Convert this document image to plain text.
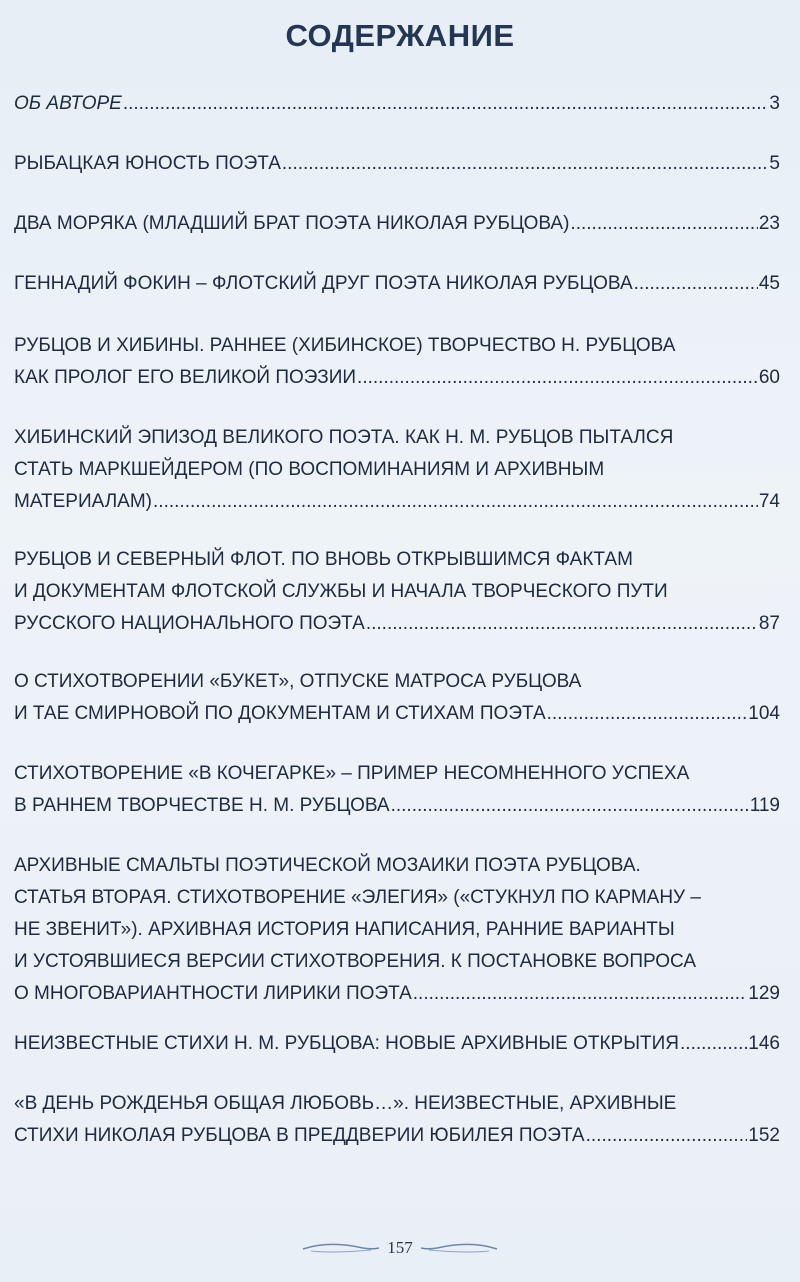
СОДЕРЖАНИЕ
ОБ АВТОРЕ .....	3
РЫБАЦКАЯ ЮНОСТЬ ПОЭТА .....	5
ДВА МОРЯКА (МЛАДШИЙ БРАТ ПОЭТА НИКОЛАЯ РУБЦОВА) .....	23
ГЕННАДИЙ ФОКИН – ФЛОТСКИЙ ДРУГ ПОЭТА НИКОЛАЯ РУБЦОВА .....	45
РУБЦОВ И ХИБИНЫ. РАННЕЕ (ХИБИНСКОЕ) ТВОРЧЕСТВО Н. РУБЦОВА
КАК ПРОЛОГ ЕГО ВЕЛИКОЙ ПОЭЗИИ .....	60
ХИБИНСКИЙ ЭПИЗОД ВЕЛИКОГО ПОЭТА. КАК Н. М. РУБЦОВ ПЫТАЛСЯ
СТАТЬ МАРКШЕЙДЕРОМ (ПО ВОСПОМИНАНИЯМ И АРХИВНЫМ
МАТЕРИАЛАМ) .....	74
РУБЦОВ И СЕВЕРНЫЙ ФЛОТ. ПО ВНОВЬ ОТКРЫВШИМСЯ ФАКТАМ
И ДОКУМЕНТАМ ФЛОТСКОЙ СЛУЖБЫ И НАЧАЛА ТВОРЧЕСКОГО ПУТИ
РУССКОГО НАЦИОНАЛЬНОГО ПОЭТА .....	87
О СТИХОТВОРЕНИИ «БУКЕТ», ОТПУСКЕ МАТРОСА РУБЦОВА
И ТАЕ СМИРНОВОЙ ПО ДОКУМЕНТАМ И СТИХАМ ПОЭТА .....	104
СТИХОТВОРЕНИЕ «В КОЧЕГАРКЕ» – ПРИМЕР НЕСОМНЕННОГО УСПЕХА
В РАННЕМ ТВОРЧЕСТВЕ Н. М. РУБЦОВА .....	119
АРХИВНЫЕ СМАЛЬТЫ ПОЭТИЧЕСКОЙ МОЗАИКИ ПОЭТА РУБЦОВА.
СТАТЬЯ ВТОРАЯ. СТИХОТВОРЕНИЕ «ЭЛЕГИЯ» («СТУКНУЛ ПО КАРМАНУ –
НЕ ЗВЕНИТ»). АРХИВНАЯ ИСТОРИЯ НАПИСАНИЯ, РАННИЕ ВАРИАНТЫ
И УСТОЯВШИЕСЯ ВЕРСИИ СТИХОТВОРЕНИЯ. К ПОСТАНОВКЕ ВОПРОСА
О МНОГОВАРИАНТНОСТИ ЛИРИКИ ПОЭТА .....	129
НЕИЗВЕСТНЫЕ СТИХИ Н. М. РУБЦОВА: НОВЫЕ АРХИВНЫЕ ОТКРЫТИЯ .....	146
«В ДЕНЬ РОЖДЕНЬЯ ОБЩАЯ ЛЮБОВЬ…». НЕИЗВЕСТНЫЕ, АРХИВНЫЕ
СТИХИ НИКОЛАЯ РУБЦОВА В ПРЕДДВЕРИИ ЮБИЛЕЯ ПОЭТА .....	152
157
